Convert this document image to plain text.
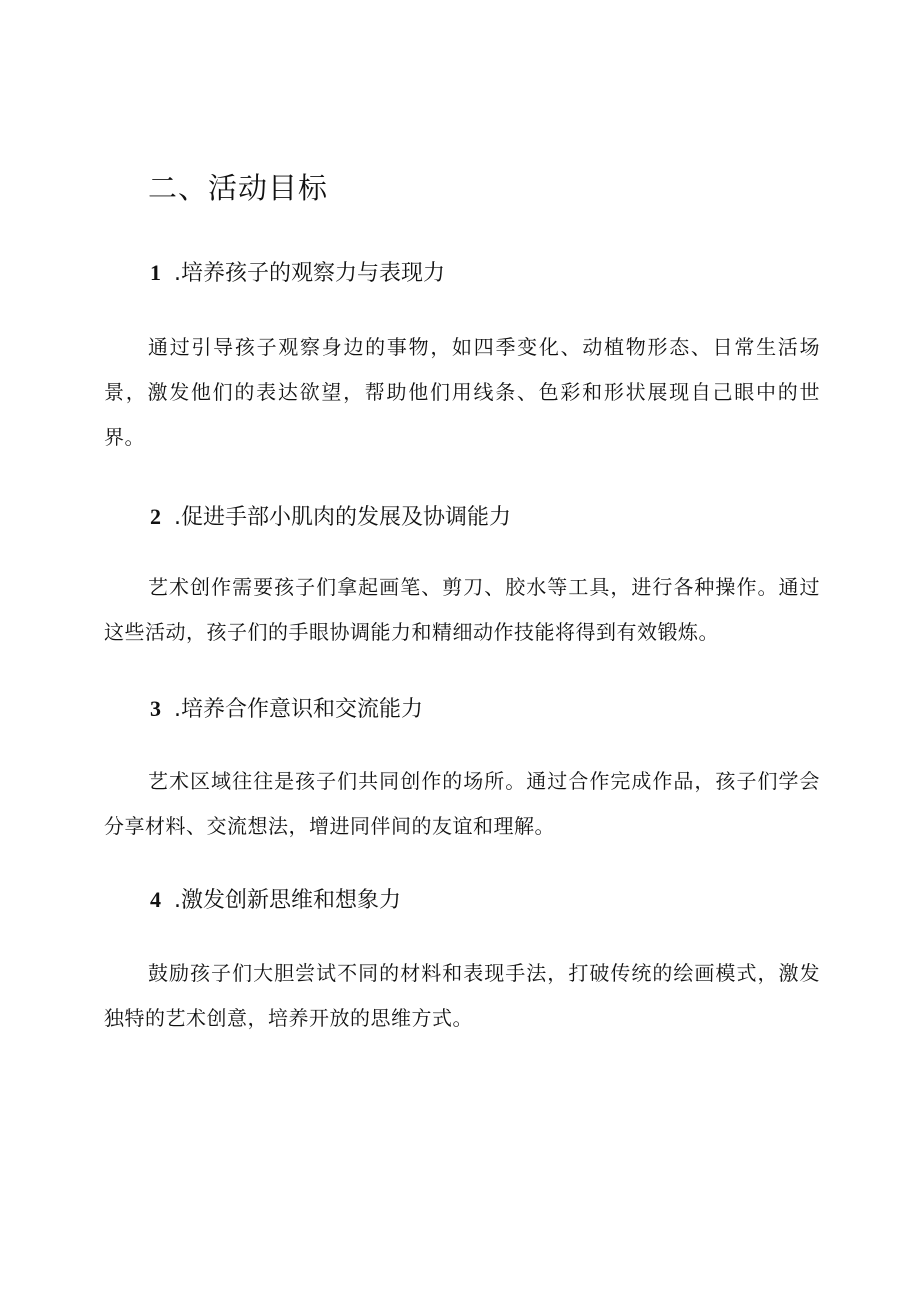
二、活动目标
1 .培养孩子的观察力与表现力

通过引导孩子观察身边的事物，如四季变化、动植物形态、日常生活场景，激发他们的表达欲望，帮助他们用线条、色彩和形状展现自己眼中的世界。

2 .促进手部小肌肉的发展及协调能力

艺术创作需要孩子们拿起画笔、剪刀、胶水等工具，进行各种操作。通过这些活动，孩子们的手眼协调能力和精细动作技能将得到有效锻炼。

3 .培养合作意识和交流能力

艺术区域往往是孩子们共同创作的场所。通过合作完成作品，孩子们学会分享材料、交流想法，增进同伴间的友谊和理解。

4 .激发创新思维和想象力

鼓励孩子们大胆尝试不同的材料和表现手法，打破传统的绘画模式，激发独特的艺术创意，培养开放的思维方式。
